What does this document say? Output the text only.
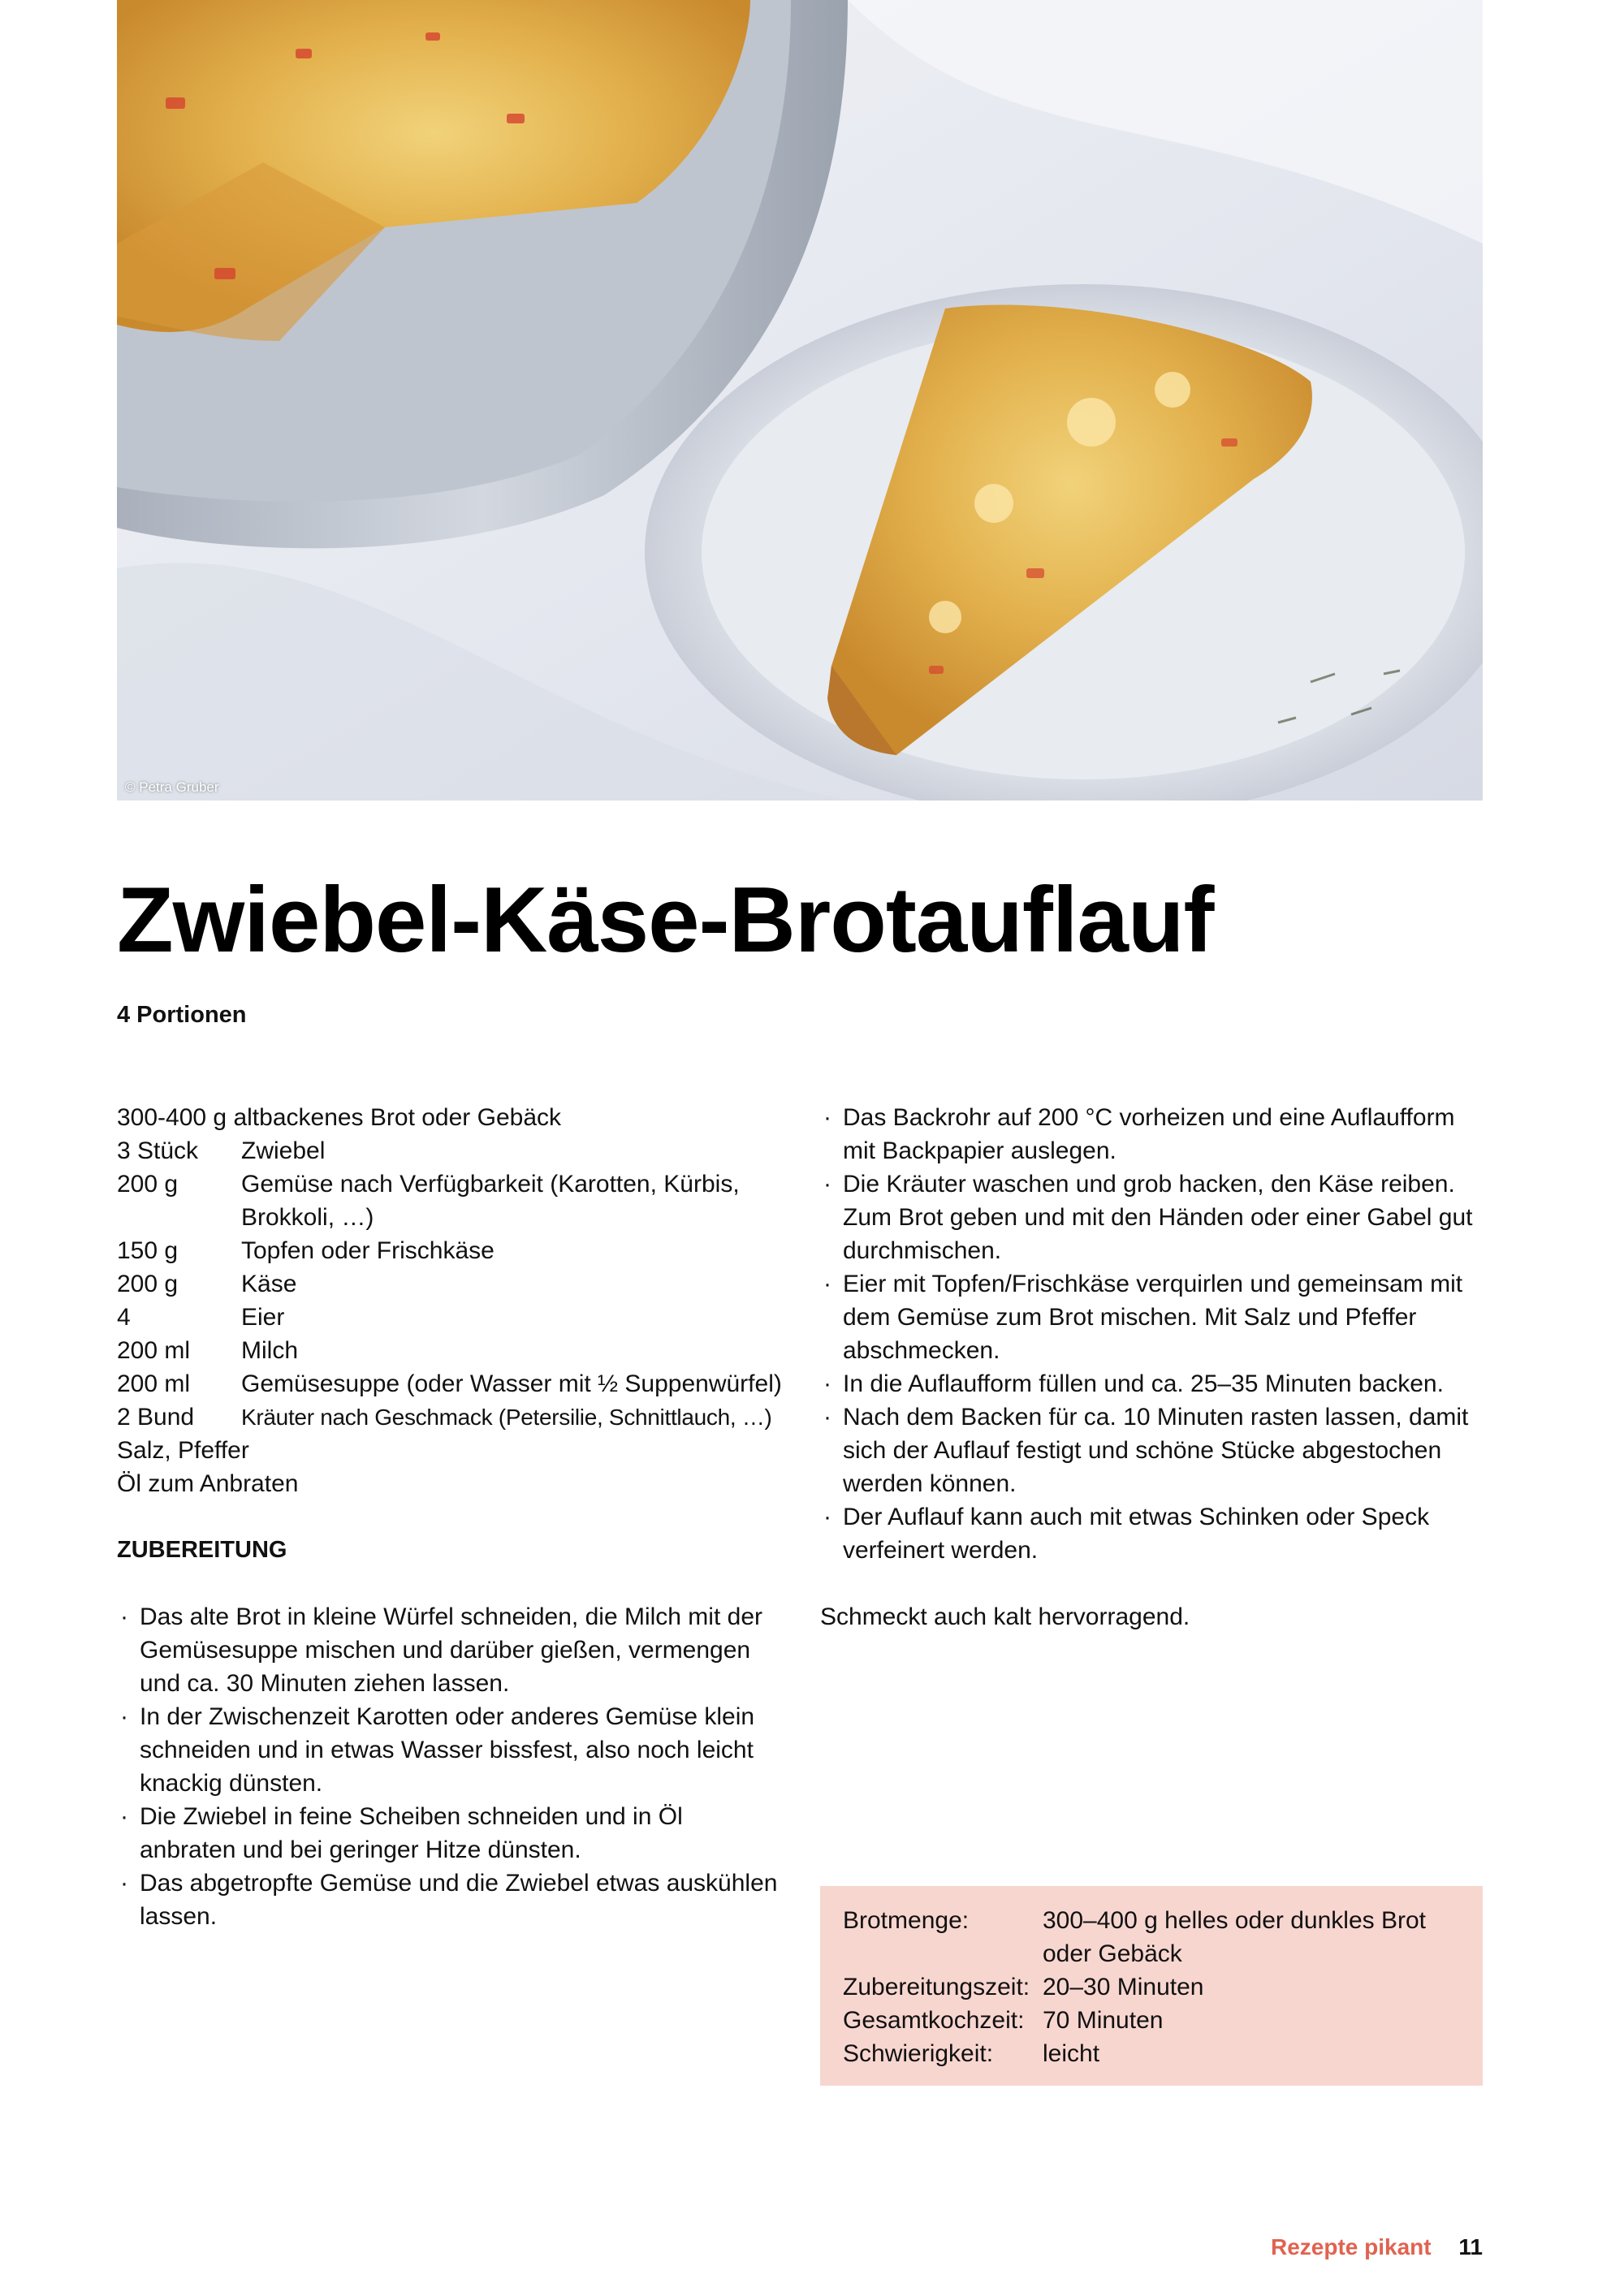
© Petra Gruber
Zwiebel-Käse-Brotauflauf
4 Portionen
300-400 g altbackenes Brot oder Gebäck
3 Stück	Zwiebel
200 g	Gemüse nach Verfügbarkeit (Karotten, Kürbis, Brokkoli, …)
150 g	Topfen oder Frischkäse
200 g	Käse
4	Eier
200 ml	Milch
200 ml	Gemüsesuppe (oder Wasser mit ½ Suppenwürfel)
2 Bund	Kräuter nach Geschmack (Petersilie, Schnittlauch, …)
Salz, Pfeffer
Öl zum Anbraten
ZUBEREITUNG
· Das alte Brot in kleine Würfel schneiden, die Milch mit der Gemüsesuppe mischen und darüber gießen, vermengen und ca. 30 Minuten ziehen lassen.
· In der Zwischenzeit Karotten oder anderes Gemüse klein schneiden und in etwas Wasser bissfest, also noch leicht knackig dünsten.
· Die Zwiebel in feine Scheiben schneiden und in Öl anbraten und bei geringer Hitze dünsten.
· Das abgetropfte Gemüse und die Zwiebel etwas auskühlen lassen.
· Das Backrohr auf 200 °C vorheizen und eine Auflaufform mit Backpapier auslegen.
· Die Kräuter waschen und grob hacken, den Käse reiben. Zum Brot geben und mit den Händen oder einer Gabel gut durchmischen.
· Eier mit Topfen/Frischkäse verquirlen und gemeinsam mit dem Gemüse zum Brot mischen. Mit Salz und Pfeffer abschmecken.
· In die Auflaufform füllen und ca. 25–35 Minuten backen.
· Nach dem Backen für ca. 10 Minuten rasten lassen, damit sich der Auflauf festigt und schöne Stücke abgestochen werden können.
· Der Auflauf kann auch mit etwas Schinken oder Speck verfeinert werden.
Schmeckt auch kalt hervorragend.
Brotmenge:	300–400 g helles oder dunkles Brot oder Gebäck
Zubereitungszeit: 20–30 Minuten
Gesamtkochzeit: 70 Minuten
Schwierigkeit:	leicht
Rezepte pikant 11
